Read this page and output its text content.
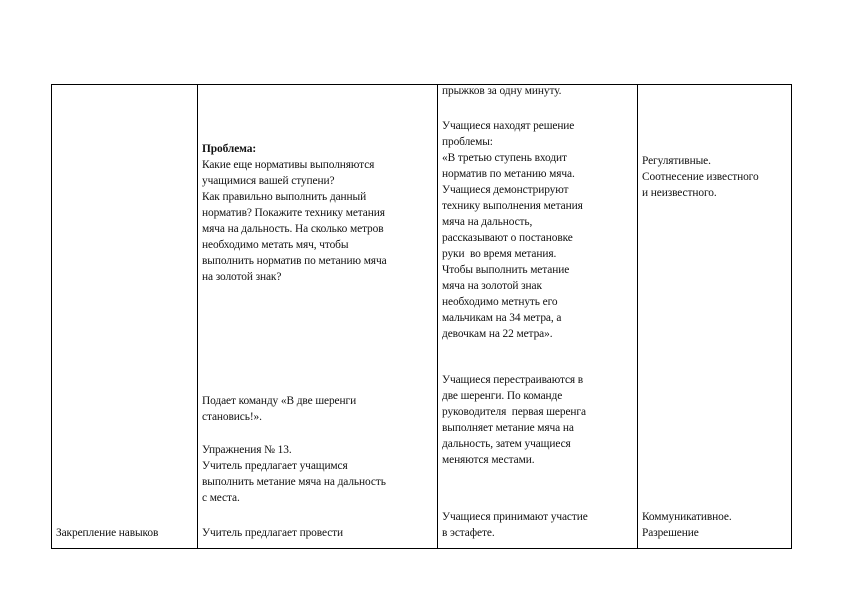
Закрепление навыков
Проблема:
Какие еще нормативы выполняются
учащимися вашей ступени?
Как правильно выполнить данный
норматив? Покажите технику метания
мяча на дальность. На сколько метров
необходимо метать мяч, чтобы
выполнить норматив по метанию мяча
на золотой знак?
Подает команду «В две шеренги
становись!».
Упражнения № 13.
Учитель предлагает учащимся
выполнить метание мяча на дальность
с места.
Учитель предлагает провести
прыжков за одну минуту.
Учащиеся находят решение
проблемы:
«В третью ступень входит
норматив по метанию мяча.
Учащиеся демонстрируют
технику выполнения метания
мяча на дальность,
рассказывают о постановке
руки  во время метания.
Чтобы выполнить метание
мяча на золотой знак
необходимо метнуть его
мальчикам на 34 метра, а
девочкам на 22 метра».
Учащиеся перестраиваются в
две шеренги. По команде
руководителя  первая шеренга
выполняет метание мяча на
дальность, затем учащиеся
меняются местами.
Учащиеся принимают участие
в эстафете.
Регулятивные.
Соотнесение известного
и неизвестного.
Коммуникативное.
Разрешение
